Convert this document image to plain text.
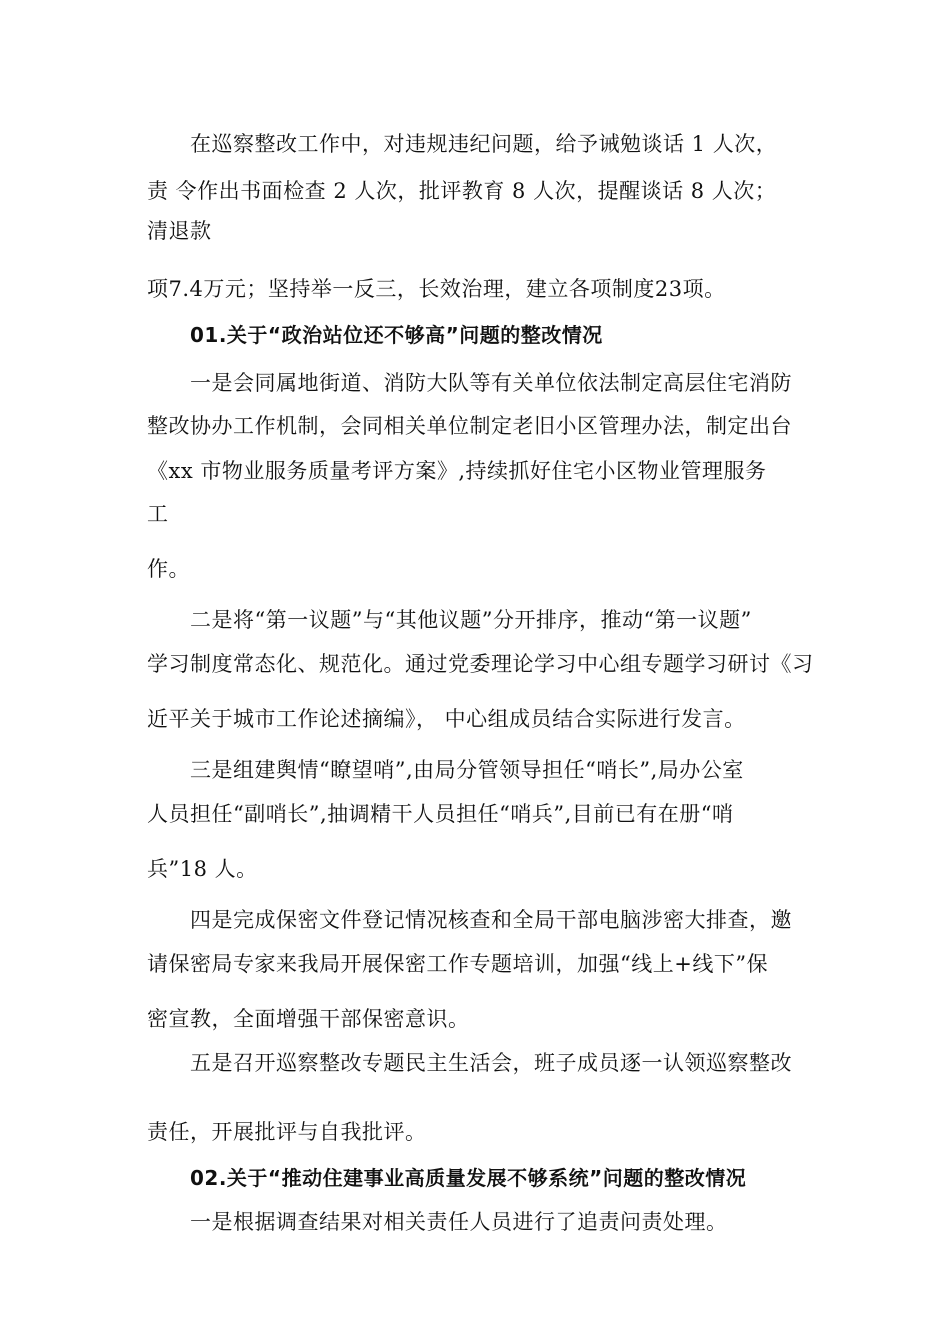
在巡察整改工作中，对违规违纪问题，给予诫勉谈话 1 人次，
责 令作出书面检查 2 人次，批评教育 8 人次，提醒谈话 8 人次；
清退款
项7.4万元；坚持举一反三，长效治理，建立各项制度23项。
01.关于“政治站位还不够高”问题的整改情况
一是会同属地街道、消防大队等有关单位依法制定高层住宅消防
整改协办工作机制，会同相关单位制定老旧小区管理办法，制定出台
《xx 市物业服务质量考评方案》,持续抓好住宅小区物业管理服务
工
作。
二是将“第一议题”与“其他议题”分开排序，推动“第一议题”
学习制度常态化、规范化。通过党委理论学习中心组专题学习研讨《习
近平关于城市工作论述摘编》， 中心组成员结合实际进行发言。
三是组建舆情“瞭望哨”,由局分管领导担任“哨长”,局办公室
人员担任“副哨长”,抽调精干人员担任“哨兵”,目前已有在册“哨
兵”18 人。
四是完成保密文件登记情况核查和全局干部电脑涉密大排查，邀
请保密局专家来我局开展保密工作专题培训，加强“线上+线下”保
密宣教，全面增强干部保密意识。
五是召开巡察整改专题民主生活会，班子成员逐一认领巡察整改
责任，开展批评与自我批评。
02.关于“推动住建事业高质量发展不够系统”问题的整改情况
一是根据调查结果对相关责任人员进行了追责问责处理。
